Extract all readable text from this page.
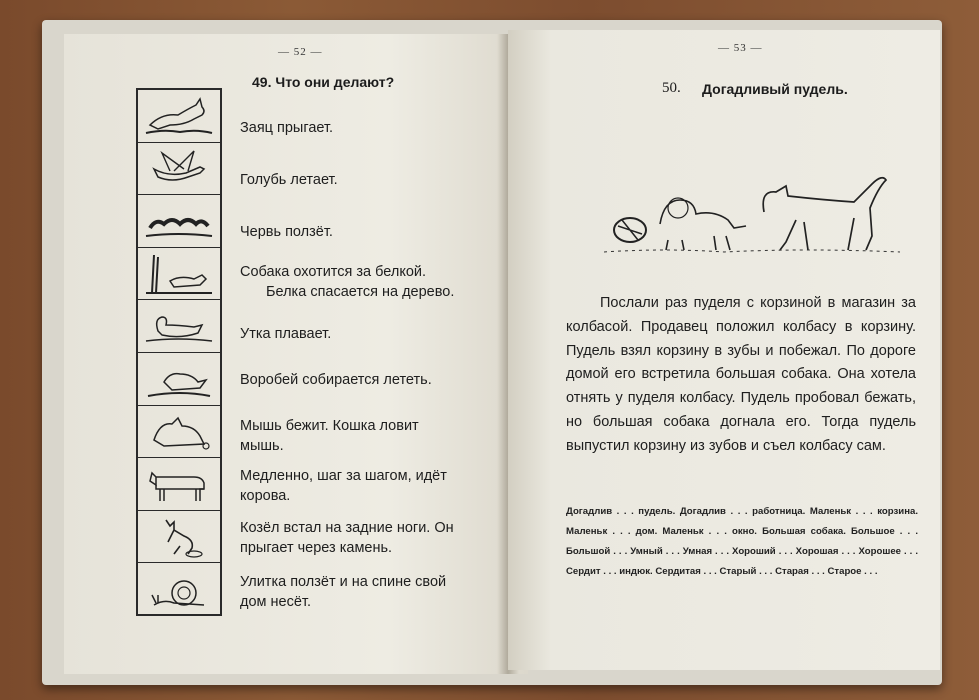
— 52 —
49. Что они делают?
Заяц прыгает.
Голубь летает.
Червь ползёт.
Собака охотится за белкой.
Белка спасается на дерево.
Утка плавает.
Воробей собирается лететь.
Мышь бежит. Кошка ловит
мышь.
Медленно, шаг за шагом, идёт
корова.
Козёл встал на задние ноги. Он
прыгает через камень.
Улитка ползёт и на спине свой
дом несёт.
— 53 —
50. Догадливый пудель.
Послали раз пуделя с корзиной в магазин за колбасой. Продавец положил колбасу в корзину. Пудель взял корзину в зубы и побежал. По дороге домой его встретила большая собака. Она хотела отнять у пуделя колбасу. Пудель пробовал бежать, но большая собака догнала его. Тогда пудель выпустил корзину из зубов и съел колбасу сам.
Догадлив . . . пудель. Догадлив . . . работница. Маленьк . . . корзина. Маленьк . . . дом. Маленьк . . . окно. Большая собака. Большое . . . Большой . . . Умный . . . Умная . . . Хороший . . . Хорошая . . . Хорошее . . . Сердит . . . индюк. Сердитая . . . Старый . . . Старая . . . Старое . . .
